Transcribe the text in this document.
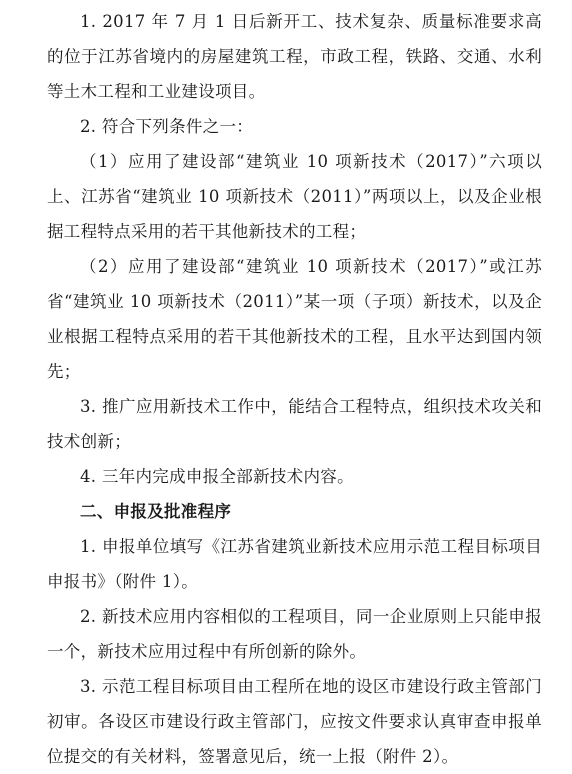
1. 2017 年 7 月 1 日后新开工、技术复杂、质量标准要求高的位于江苏省境内的房屋建筑工程，市政工程，铁路、交通、水利等土木工程和工业建设项目。

2. 符合下列条件之一：

（1）应用了建设部“建筑业 10 项新技术（2017）”六项以上、江苏省“建筑业 10 项新技术（2011）”两项以上，以及企业根据工程特点采用的若干其他新技术的工程；

（2）应用了建设部“建筑业 10 项新技术（2017）”或江苏省“建筑业 10 项新技术（2011）”某一项（子项）新技术，以及企业根据工程特点采用的若干其他新技术的工程，且水平达到国内领先；

3. 推广应用新技术工作中，能结合工程特点，组织技术攻关和技术创新；

4. 三年内完成申报全部新技术内容。

二、申报及批准程序

1. 申报单位填写《江苏省建筑业新技术应用示范工程目标项目申报书》（附件 1）。

2. 新技术应用内容相似的工程项目，同一企业原则上只能申报一个，新技术应用过程中有所创新的除外。

3. 示范工程目标项目由工程所在地的设区市建设行政主管部门初审。各设区市建设行政主管部门，应按文件要求认真审查申报单位提交的有关材料，签署意见后，统一上报（附件 2）。
